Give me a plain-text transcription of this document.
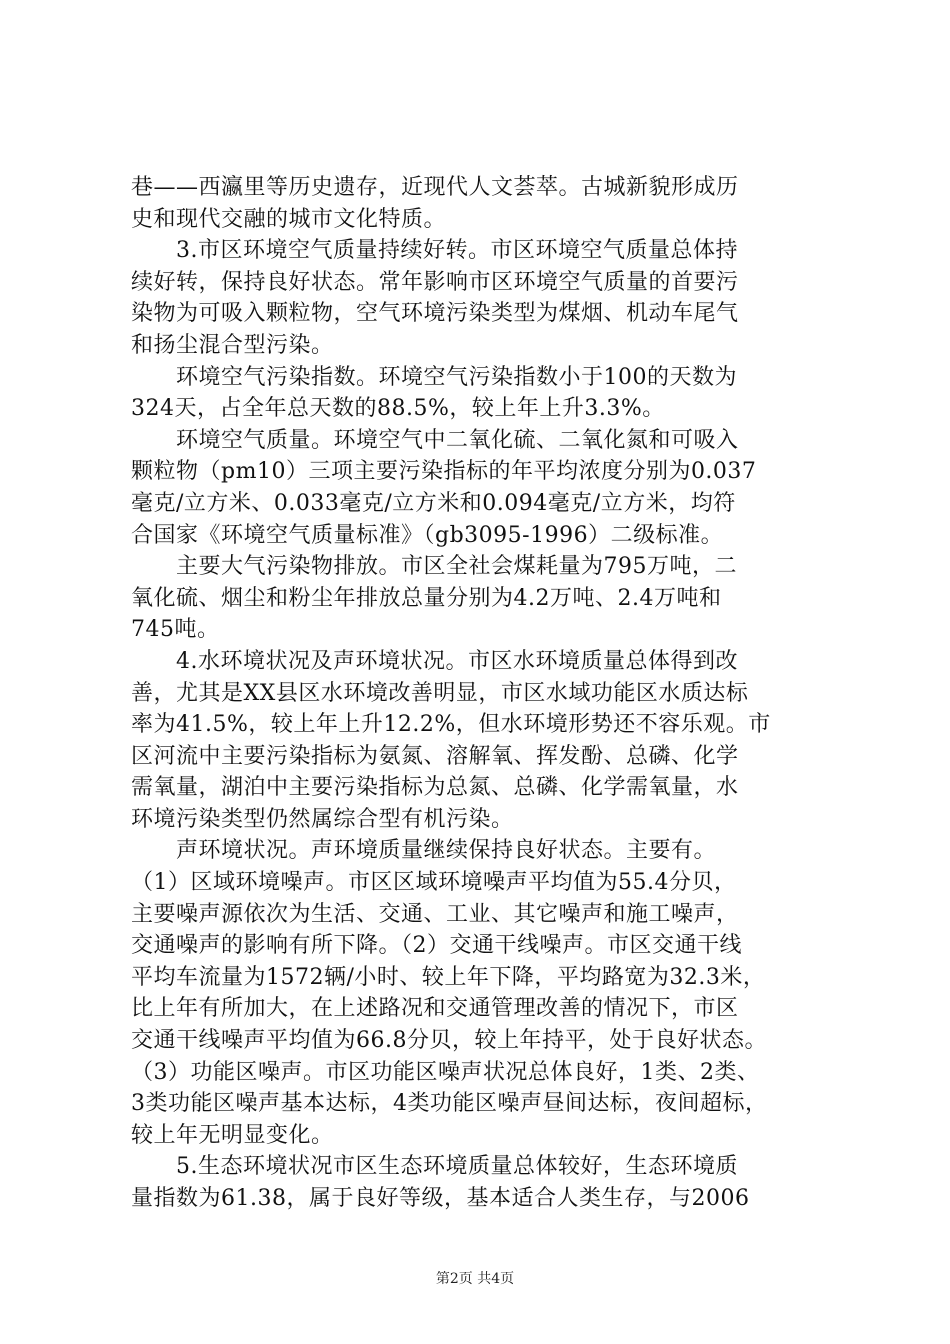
巷——西瀛里等历史遗存，近现代人文荟萃。古城新貌形成历
史和现代交融的城市文化特质。
　　3.市区环境空气质量持续好转。市区环境空气质量总体持
续好转，保持良好状态。常年影响市区环境空气质量的首要污
染物为可吸入颗粒物，空气环境污染类型为煤烟、机动车尾气
和扬尘混合型污染。
　　环境空气污染指数。环境空气污染指数小于100的天数为
324天，占全年总天数的88.5%，较上年上升3.3%。
　　环境空气质量。环境空气中二氧化硫、二氧化氮和可吸入
颗粒物（pm10）三项主要污染指标的年平均浓度分别为0.037
毫克/立方米、0.033毫克/立方米和0.094毫克/立方米，均符
合国家《环境空气质量标准》（gb3095-1996）二级标准。
　　主要大气污染物排放。市区全社会煤耗量为795万吨，二
氧化硫、烟尘和粉尘年排放总量分别为4.2万吨、2.4万吨和
745吨。
　　4.水环境状况及声环境状况。市区水环境质量总体得到改
善，尤其是XX县区水环境改善明显，市区水域功能区水质达标
率为41.5%，较上年上升12.2%，但水环境形势还不容乐观。市
区河流中主要污染指标为氨氮、溶解氧、挥发酚、总磷、化学
需氧量，湖泊中主要污染指标为总氮、总磷、化学需氧量，水
环境污染类型仍然属综合型有机污染。
　　声环境状况。声环境质量继续保持良好状态。主要有。
（1）区域环境噪声。市区区域环境噪声平均值为55.4分贝，
主要噪声源依次为生活、交通、工业、其它噪声和施工噪声，
交通噪声的影响有所下降。（2）交通干线噪声。市区交通干线
平均车流量为1572辆/小时、较上年下降，平均路宽为32.3米，
比上年有所加大，在上述路况和交通管理改善的情况下，市区
交通干线噪声平均值为66.8分贝，较上年持平，处于良好状态。
（3）功能区噪声。市区功能区噪声状况总体良好，1类、2类、
3类功能区噪声基本达标，4类功能区噪声昼间达标，夜间超标，
较上年无明显变化。
　　5.生态环境状况市区生态环境质量总体较好，生态环境质
量指数为61.38，属于良好等级，基本适合人类生存，与2006
第2页 共4页
